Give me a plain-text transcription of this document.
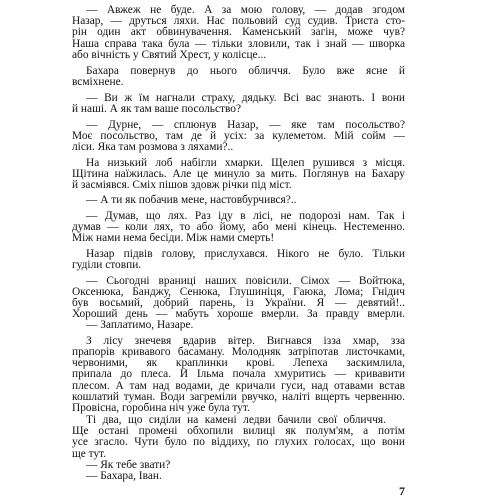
— Авжеж не буде. А за мою голову, — додав згодом
Назар, — друться ляхи. Нас польовий суд судив. Триста сто-
рін один акт обвинувачення. Каменський загін, може чув?
Наша справа така була — тільки зловили, так і знай — шворка
або вічність у Святий Хрест, у колісце...
Бахара повернув до нього обличчя. Було вже ясне й
всміхнене.
— Ви ж їм нагнали страху, дядьку. Всі вас знають. І вони
й наші. А як там ваше посольство?
— Дурне, — сплюнув Назар, — яке там посольство?
Моє посольство, там де й усіх: за кулеметом. Мій сойм —
ліси. Яка там розмова з ляхами?..
На низький лоб набігли хмарки. Щелеп рушився з місця.
Щітина наїжилась. Але це минуло за мить. Поглянув на Бахару
й засміявся. Сміх пішов здовж річки під міст.
— А ти як побачив мене, настовбурчився?..
— Думав, що лях. Раз іду в лісі, не подорозі нам. Так і
думав — коли лях, то або йому, або мені кінець. Нестеменно.
Між нами нема бесіди. Між нами смерть!
Назар підвів голову, прислухався. Нікого не було. Тільки
гуділи стовпи.
— Сьогодні враниці нашиx повісили. Сімох — Войтюка,
Оксенюка, Банджу, Сенюка, Глушиніця, Гаюка, Лома; Гнідич
був восьмий, добрий парень, із України. Я — девятий!..
Хороший день — мабуть хороше вмерли. За правду вмерли.
— Заплатимо, Назаре.
З лісу знечевя вдарив вітер. Вигнався ізза хмар, зза
прапорів кривавого басаману. Молодняк затріпотав листочками,
червоними, як краплинки крові. Лепеха заскимлила,
припала до плеса. Й Ільма почала хмуритись — кривавити
плесом. А там над водами, де кричали гуси, над отавами встав
кошлатий туман. Води загреміли рвучко, наліті вщерть червенню.
Провісна, горобина ніч уже була тут.
Ті два, що сиділи на камені ледви бачили свої обличчя.
Ще остані промені обхопили вилиці як полум'ям, а потім
усе згасло. Чути було по віддиху, по глухих голосах, що вони
ще тут.
— Як тебе звати?
— Бахара, Іван.
7
